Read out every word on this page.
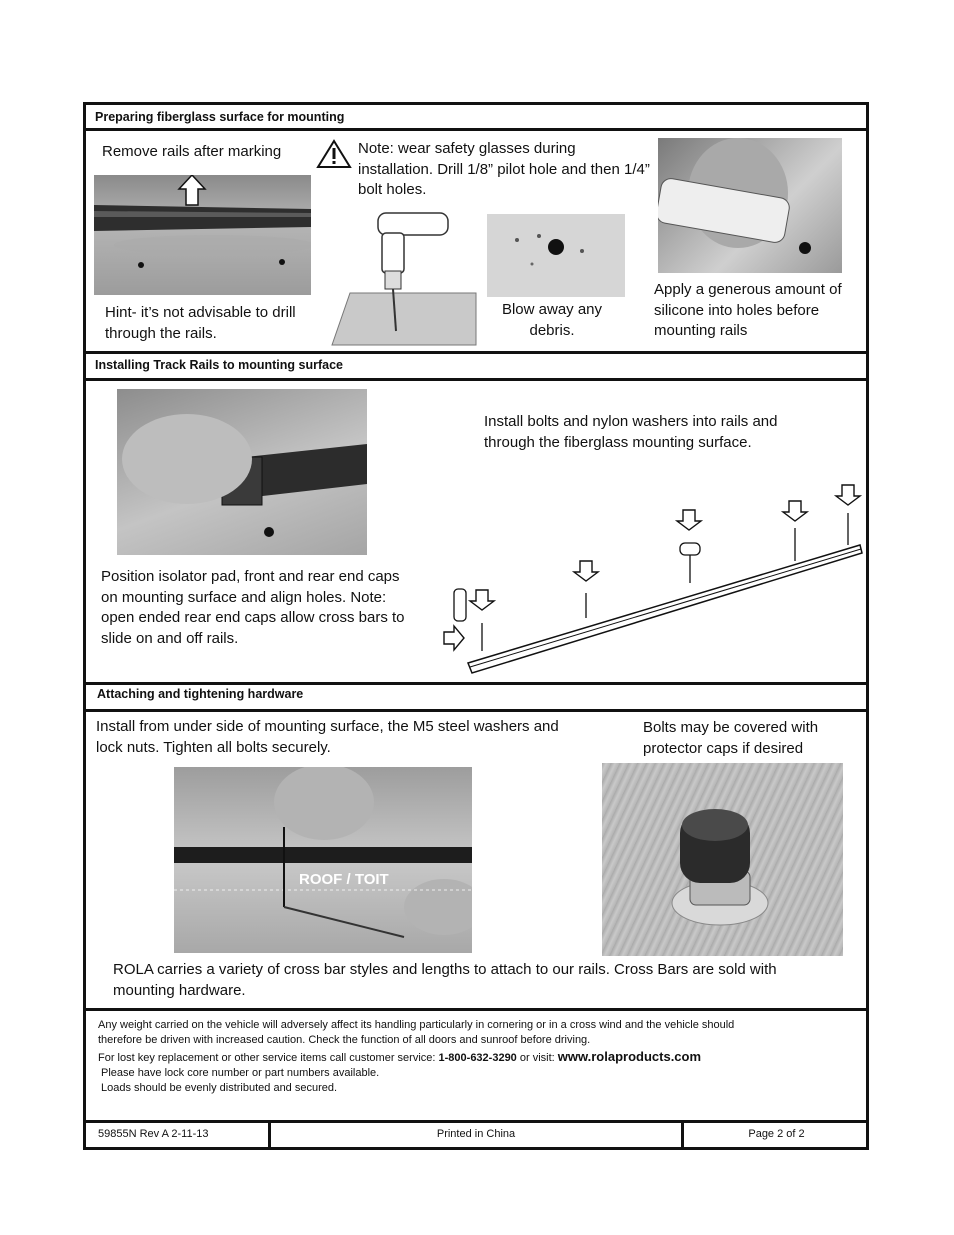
Preparing fiberglass surface for mounting
Remove rails after marking
Hint- it’s not advisable to drill through the rails.
Note: wear safety glasses during installation. Drill 1/8” pilot hole and then 1/4” bolt holes.
Blow away any debris.
Apply a generous amount of silicone into holes before mounting rails
Installing Track Rails to mounting surface
Install bolts and nylon washers into rails and through the fiberglass mounting surface.
Position isolator pad, front and rear end caps on mounting surface and align holes. Note: open ended rear end caps allow cross bars to slide on and off rails.
Attaching and tightening hardware
Install from under side of mounting surface, the M5 steel washers and lock nuts. Tighten all bolts securely.
Bolts may be covered with protector caps if desired
ROOF / TOIT
ROLA carries a variety of cross bar styles and lengths to attach to our rails. Cross Bars are sold with mounting hardware.
Any weight carried on the vehicle will adversely affect its handling particularly in cornering or in a cross wind and the vehicle should
therefore be driven with increased caution. Check the function of all doors and sunroof before driving.
For lost key replacement or other service items call customer service: 1-800-632-3290 or visit: www.rolaproducts.com
Please have lock core number or part numbers available.
Loads should be evenly distributed and secured.
59855N Rev A 2-11-13	Printed in China	Page 2 of 2
